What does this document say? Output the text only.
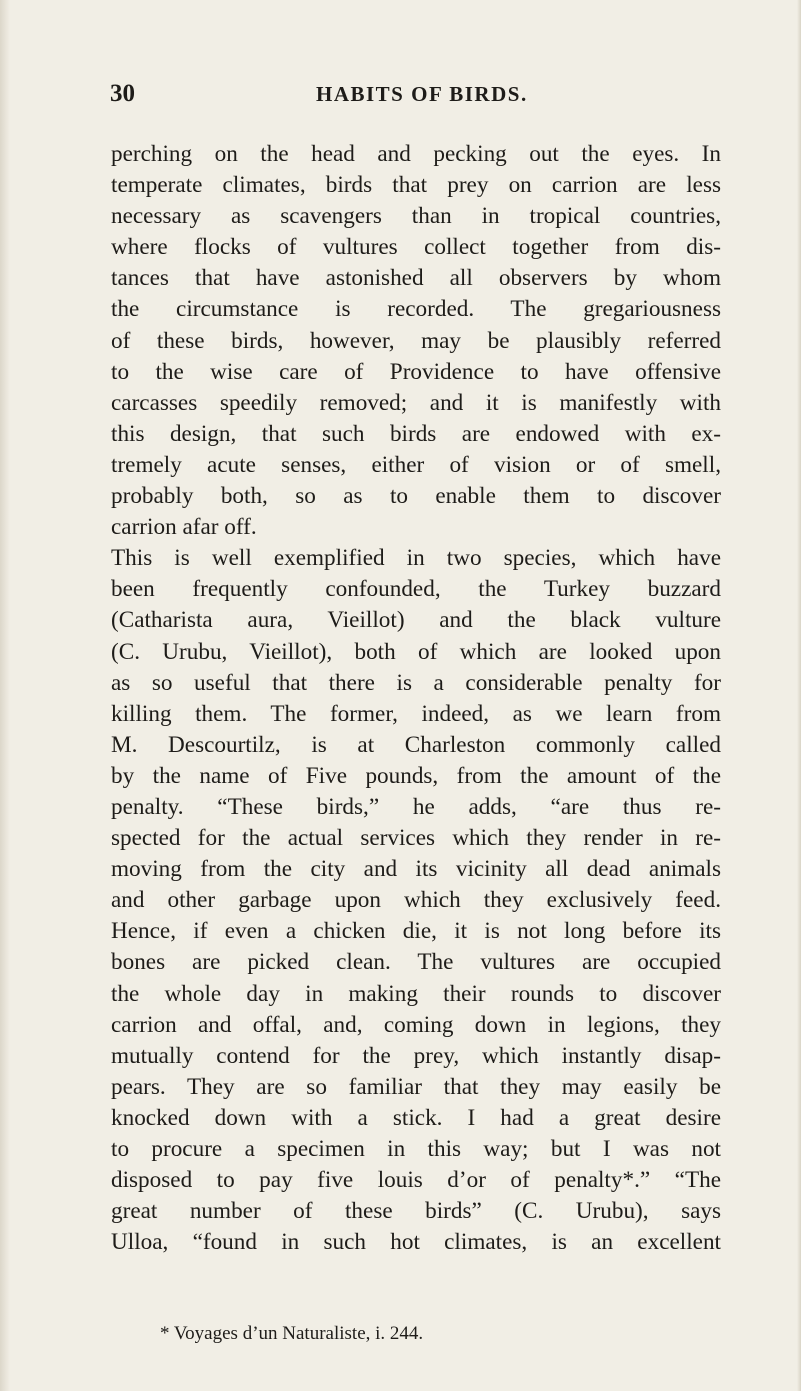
30	HABITS OF BIRDS.
perching on the head and pecking out the eyes. In
temperate climates, birds that prey on carrion are less
necessary as scavengers than in tropical countries,
where flocks of vultures collect together from dis-
tances that have astonished all observers by whom
the circumstance is recorded. The gregariousness
of these birds, however, may be plausibly referred
to the wise care of Providence to have offensive
carcasses speedily removed; and it is manifestly with
this design, that such birds are endowed with ex-
tremely acute senses, either of vision or of smell,
probably both, so as to enable them to discover
carrion afar off.
This is well exemplified in two species, which have
been frequently confounded, the Turkey buzzard
(Catharista aura, Vieillot) and the black vulture
(C. Urubu, Vieillot), both of which are looked upon
as so useful that there is a considerable penalty for
killing them. The former, indeed, as we learn from
M. Descourtilz, is at Charleston commonly called
by the name of Five pounds, from the amount of the
penalty. “These birds,” he adds, “are thus re-
spected for the actual services which they render in re-
moving from the city and its vicinity all dead animals
and other garbage upon which they exclusively feed.
Hence, if even a chicken die, it is not long before its
bones are picked clean. The vultures are occupied
the whole day in making their rounds to discover
carrion and offal, and, coming down in legions, they
mutually contend for the prey, which instantly disap-
pears. They are so familiar that they may easily be
knocked down with a stick. I had a great desire
to procure a specimen in this way; but I was not
disposed to pay five louis d’or of penalty*.” “The
great number of these birds” (C. Urubu), says
Ulloa, “found in such hot climates, is an excellent
* Voyages d’un Naturaliste, i. 244.
